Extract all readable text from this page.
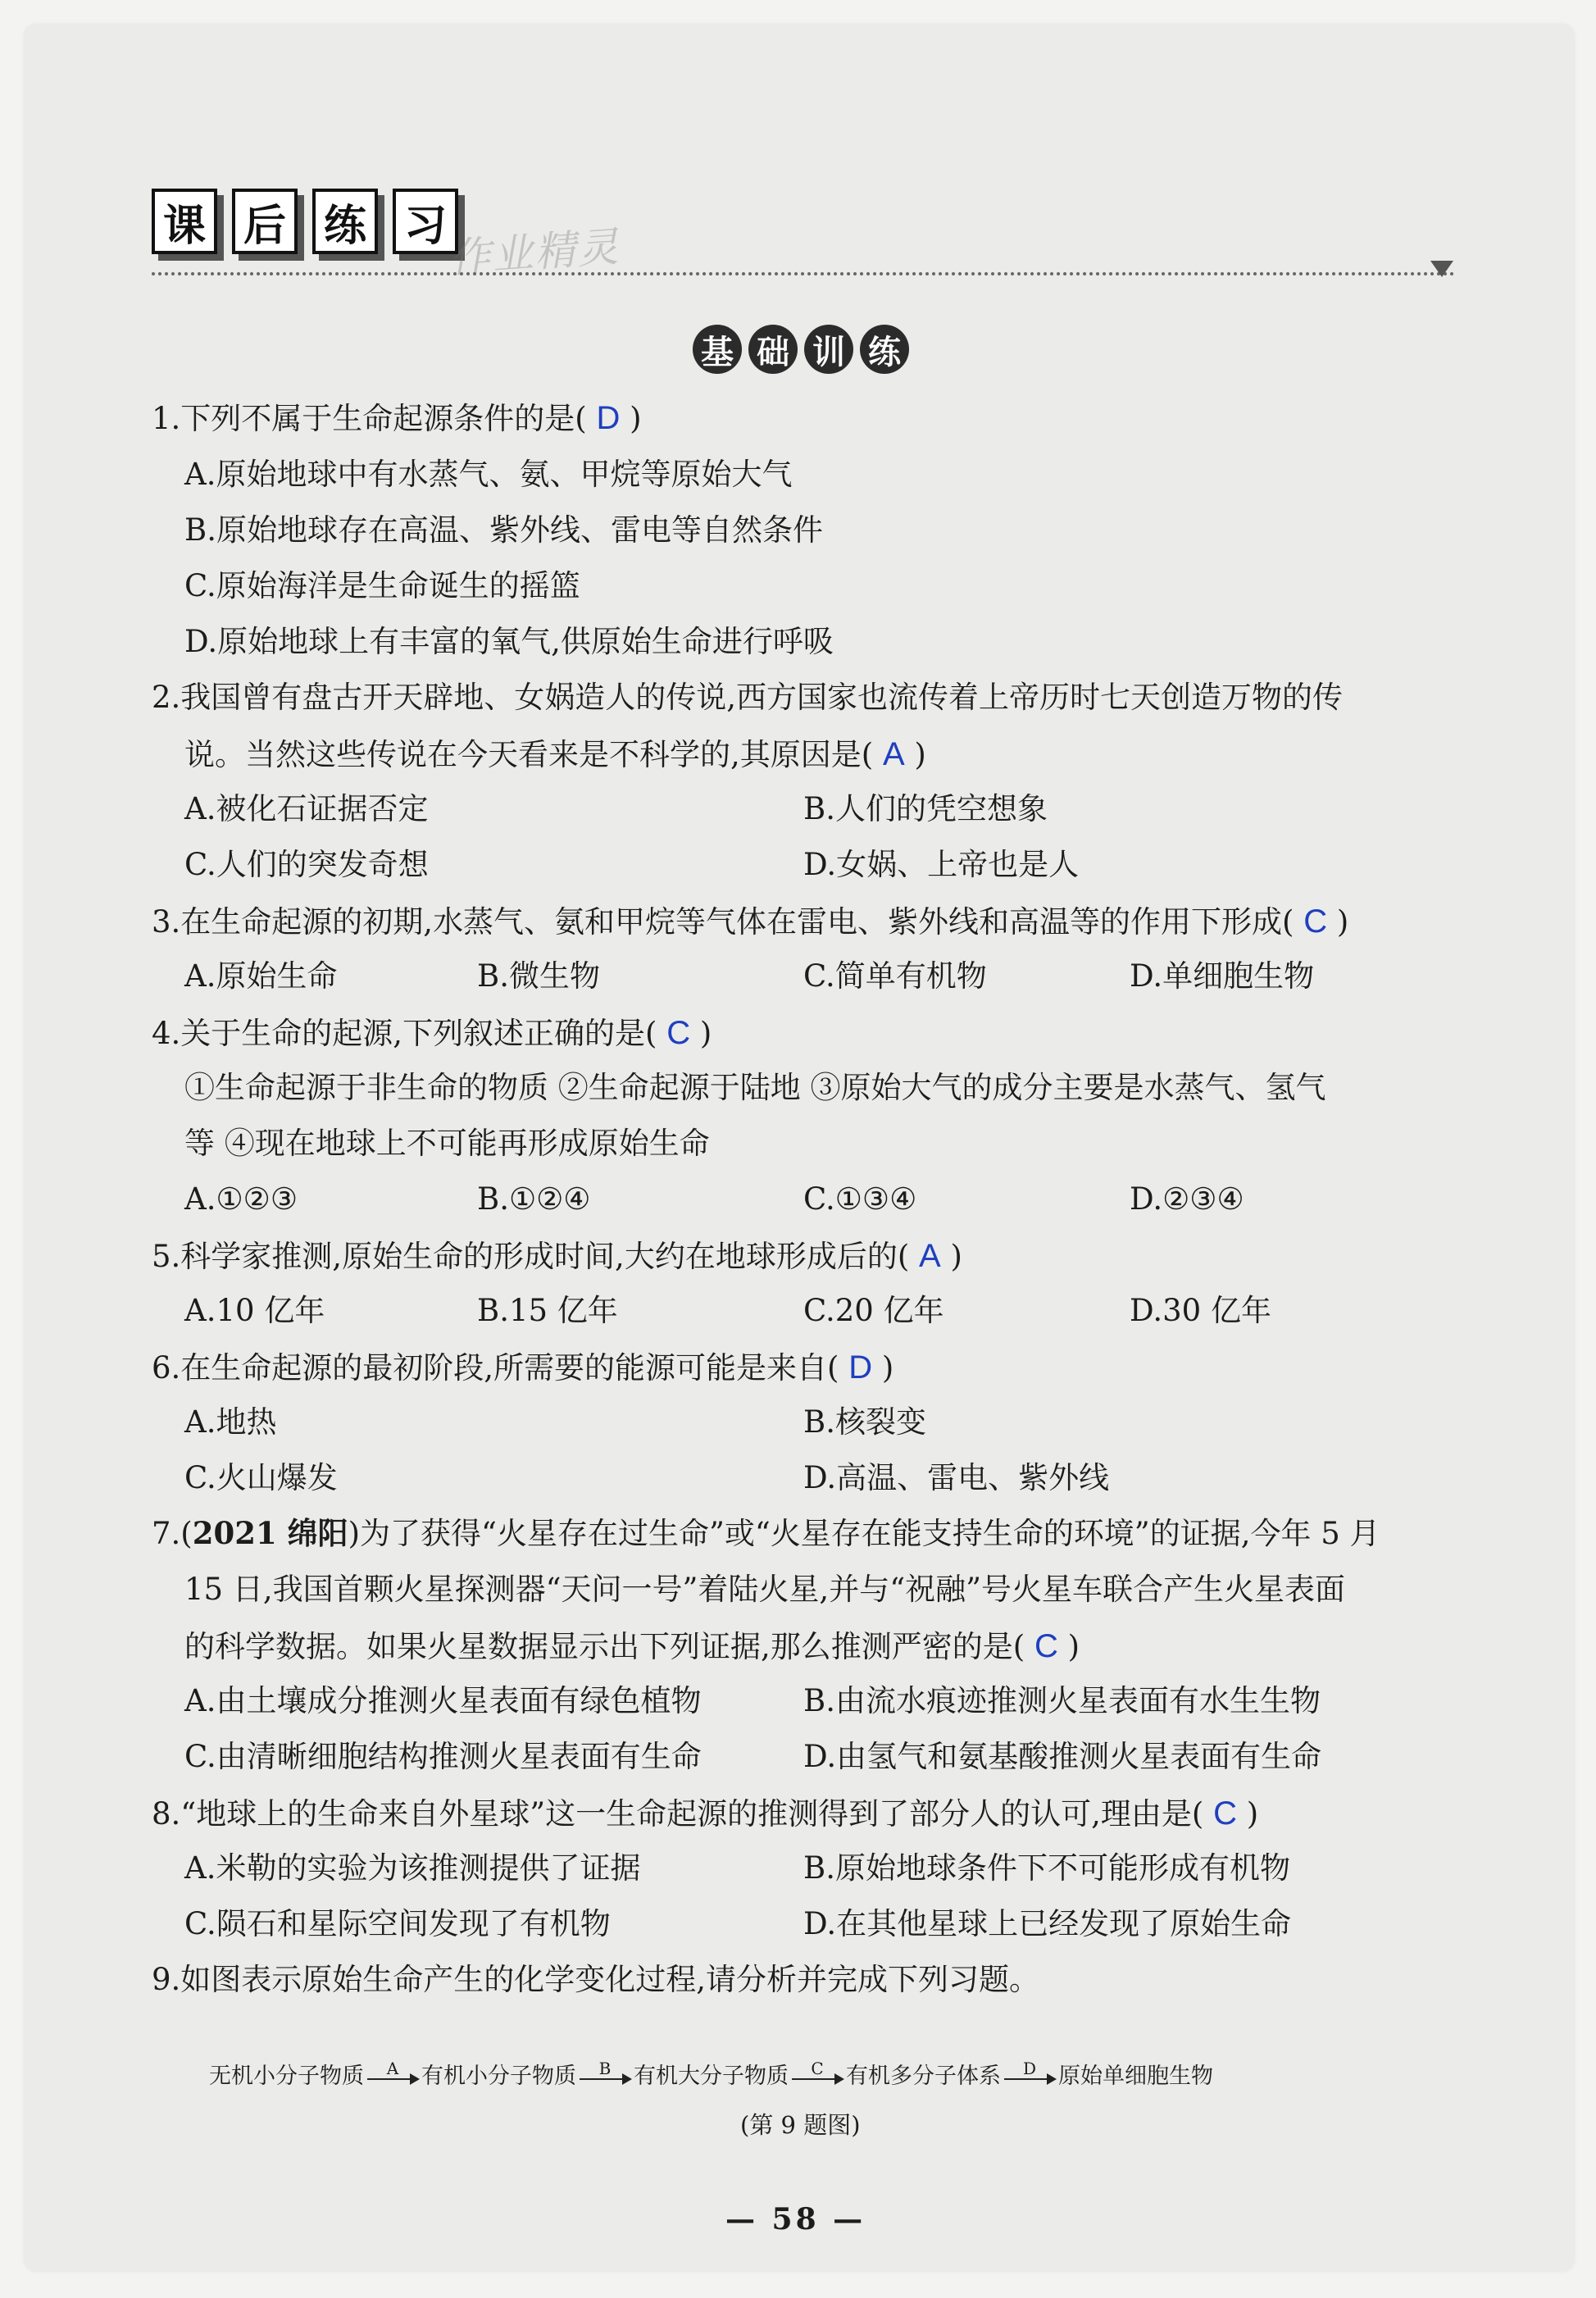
课 后 练 习 作业精灵
基 础 训 练
1.下列不属于生命起源条件的是( D )
A.原始地球中有水蒸气、氨、甲烷等原始大气
B.原始地球存在高温、紫外线、雷电等自然条件
C.原始海洋是生命诞生的摇篮
D.原始地球上有丰富的氧气,供原始生命进行呼吸
2.我国曾有盘古开天辟地、女娲造人的传说,西方国家也流传着上帝历时七天创造万物的传
说。当然这些传说在今天看来是不科学的,其原因是( A )
A.被化石证据否定	B.人们的凭空想象
C.人们的突发奇想	D.女娲、上帝也是人
3.在生命起源的初期,水蒸气、氨和甲烷等气体在雷电、紫外线和高温等的作用下形成( C )
A.原始生命	B.微生物	C.简单有机物	D.单细胞生物
4.关于生命的起源,下列叙述正确的是( C )
①生命起源于非生命的物质 ②生命起源于陆地 ③原始大气的成分主要是水蒸气、氢气
等 ④现在地球上不可能再形成原始生命
A.①②③	B.①②④	C.①③④	D.②③④
5.科学家推测,原始生命的形成时间,大约在地球形成后的( A )
A.10 亿年	B.15 亿年	C.20 亿年	D.30 亿年
6.在生命起源的最初阶段,所需要的能源可能是来自( D )
A.地热	B.核裂变
C.火山爆发	D.高温、雷电、紫外线
7.(2021 绵阳)为了获得“火星存在过生命”或“火星存在能支持生命的环境”的证据,今年 5 月
15 日,我国首颗火星探测器“天问一号”着陆火星,并与“祝融”号火星车联合产生火星表面
的科学数据。如果火星数据显示出下列证据,那么推测严密的是( C )
A.由土壤成分推测火星表面有绿色植物	B.由流水痕迹推测火星表面有水生生物
C.由清晰细胞结构推测火星表面有生命	D.由氢气和氨基酸推测火星表面有生命
8.“地球上的生命来自外星球”这一生命起源的推测得到了部分人的认可,理由是( C )
A.米勒的实验为该推测提供了证据	B.原始地球条件下不可能形成有机物
C.陨石和星际空间发现了有机物	D.在其他星球上已经发现了原始生命
9.如图表示原始生命产生的化学变化过程,请分析并完成下列习题。
无机小分子物质 A 有机小分子物质 B 有机大分子物质 C 有机多分子体系 D 原始单细胞生物
(第 9 题图)
— 58 —
